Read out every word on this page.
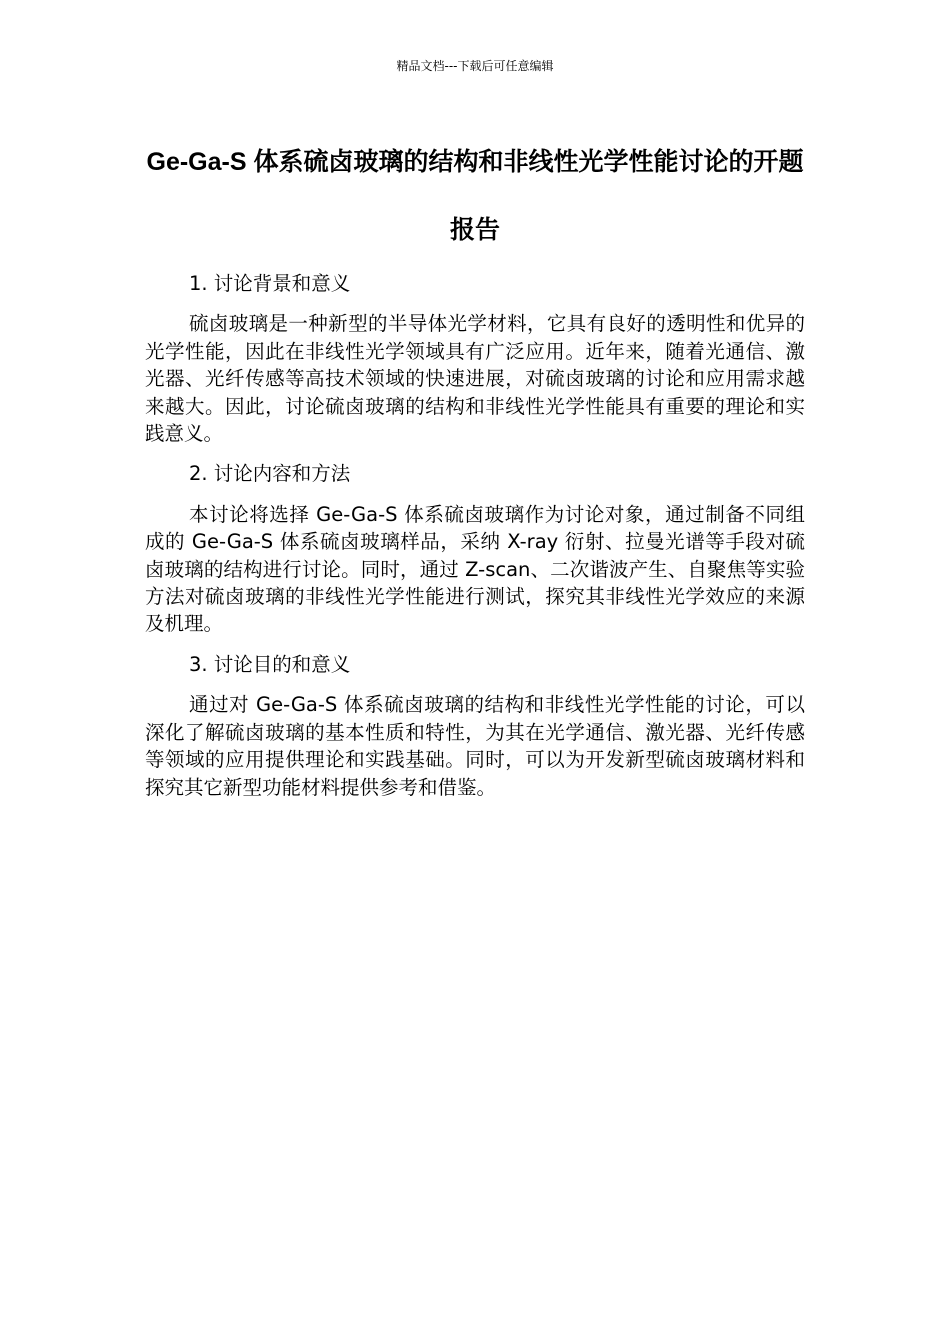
精品文档---下载后可任意编辑
Ge-Ga-S 体系硫卤玻璃的结构和非线性光学性能讨论的开题报告

1. 讨论背景和意义

硫卤玻璃是一种新型的半导体光学材料，它具有良好的透明性和优异的光学性能，因此在非线性光学领域具有广泛应用。近年来，随着光通信、激光器、光纤传感等高技术领域的快速进展，对硫卤玻璃的讨论和应用需求越来越大。因此，讨论硫卤玻璃的结构和非线性光学性能具有重要的理论和实践意义。

2. 讨论内容和方法

本讨论将选择 Ge-Ga-S 体系硫卤玻璃作为讨论对象，通过制备不同组成的 Ge-Ga-S 体系硫卤玻璃样品，采纳 X-ray 衍射、拉曼光谱等手段对硫卤玻璃的结构进行讨论。同时，通过 Z-scan、二次谐波产生、自聚焦等实验方法对硫卤玻璃的非线性光学性能进行测试，探究其非线性光学效应的来源及机理。

3. 讨论目的和意义

通过对 Ge-Ga-S 体系硫卤玻璃的结构和非线性光学性能的讨论，可以深化了解硫卤玻璃的基本性质和特性，为其在光学通信、激光器、光纤传感等领域的应用提供理论和实践基础。同时，可以为开发新型硫卤玻璃材料和探究其它新型功能材料提供参考和借鉴。
